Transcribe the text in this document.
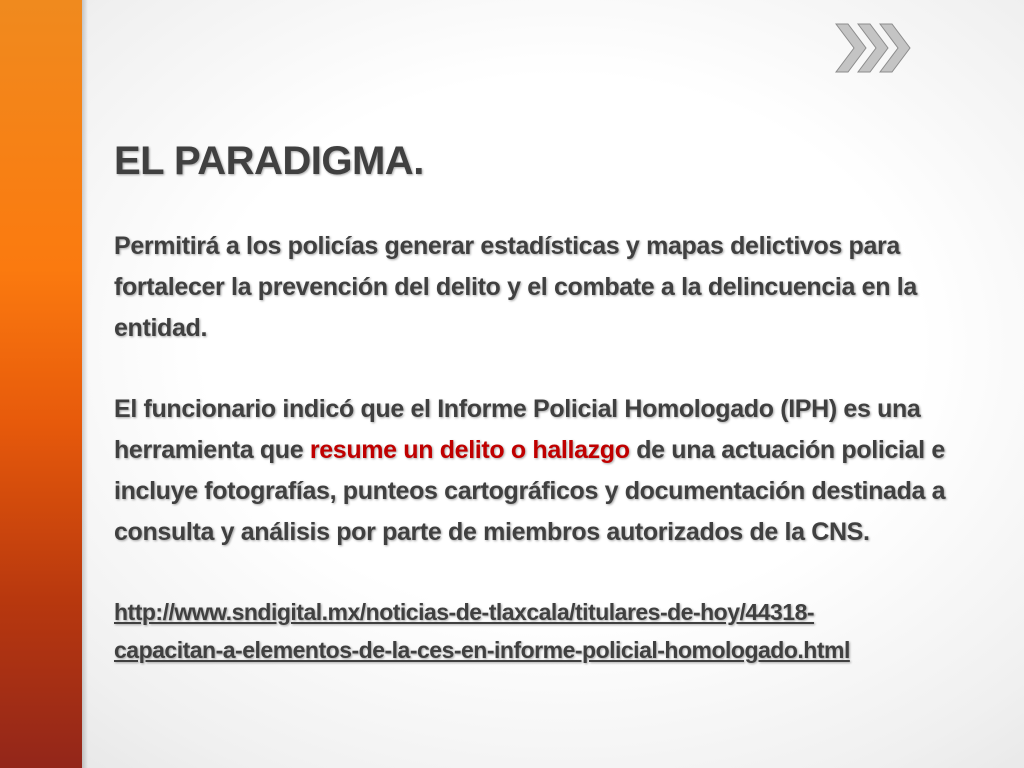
EL PARADIGMA.

Permitirá a los policías generar estadísticas y mapas delictivos para fortalecer la prevención del delito y el combate a la delincuencia en la entidad.

El funcionario indicó que el Informe Policial Homologado (IPH) es una herramienta que resume un delito o hallazgo de una actuación policial e incluye fotografías, punteos cartográficos y documentación destinada a consulta y análisis por parte de miembros autorizados de la CNS.

http://www.sndigital.mx/noticias-de-tlaxcala/titulares-de-hoy/44318-
capacitan-a-elementos-de-la-ces-en-informe-policial-homologado.html
